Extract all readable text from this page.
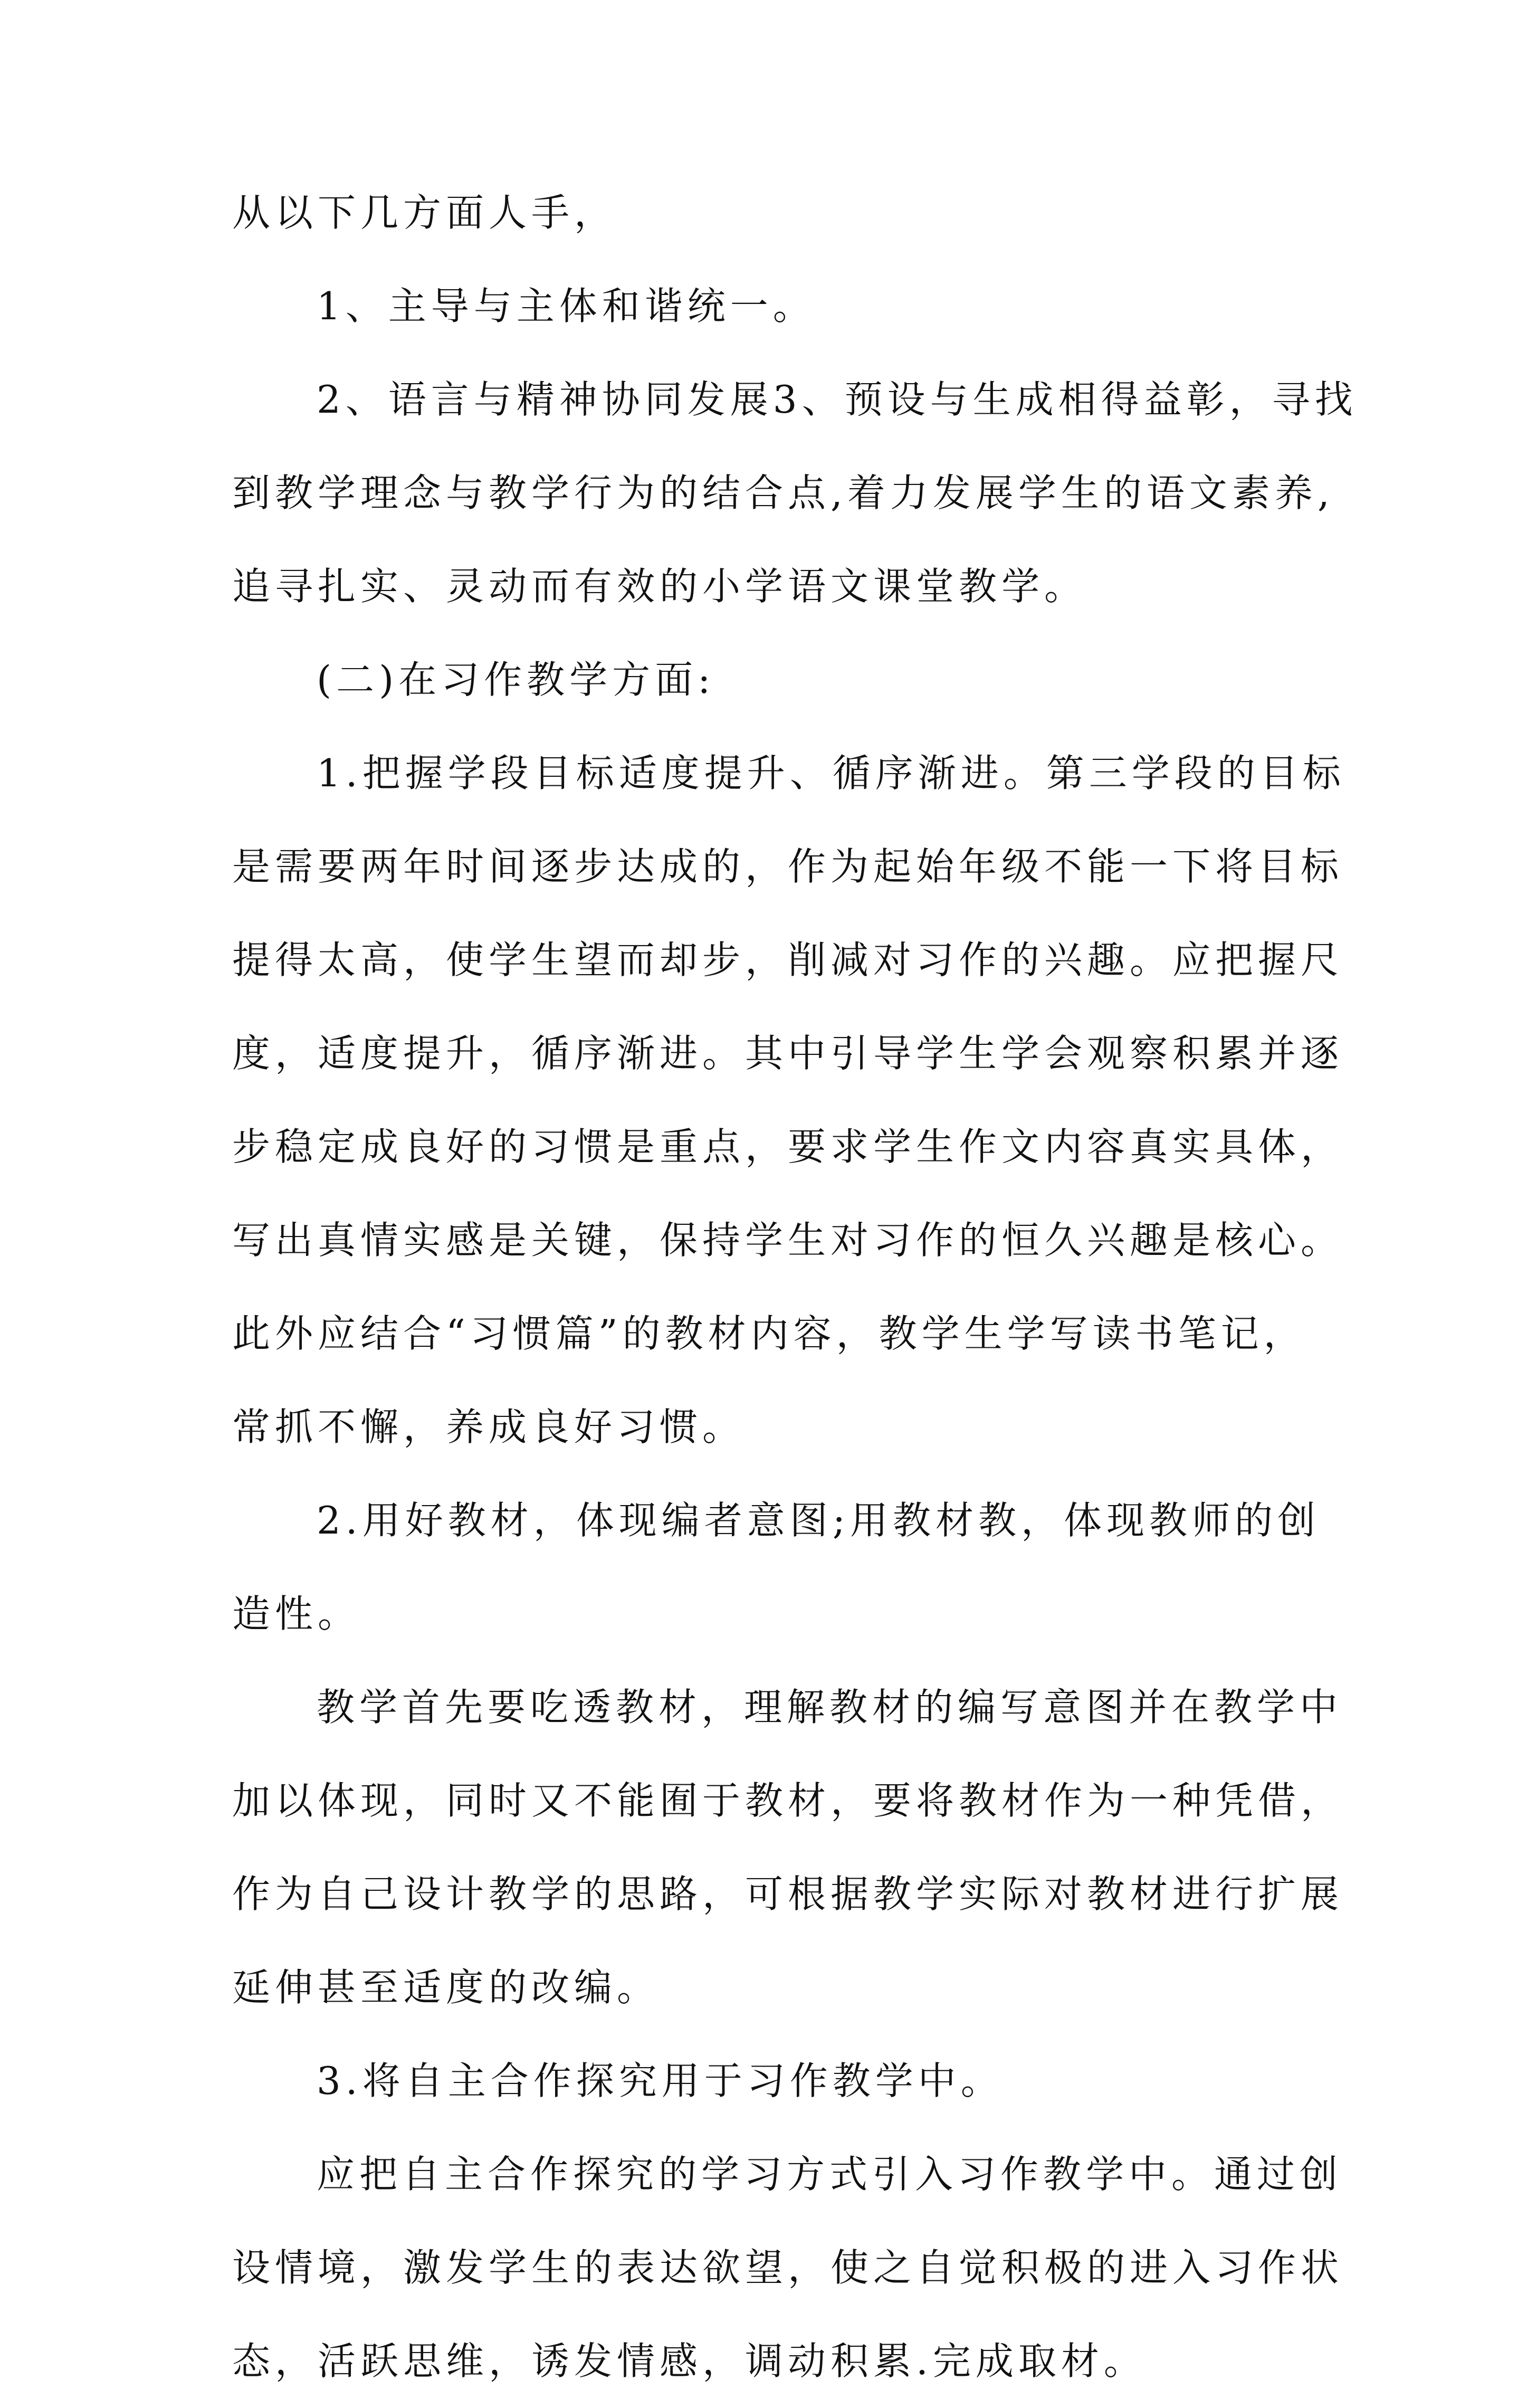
从以下几方面人手，
1、主导与主体和谐统一。
2、语言与精神协同发展3、预设与生成相得益彰，寻找
到教学理念与教学行为的结合点,着力发展学生的语文素养,
追寻扎实、灵动而有效的小学语文课堂教学。
(二)在习作教学方面:
1.把握学段目标适度提升、循序渐进。第三学段的目标
是需要两年时间逐步达成的，作为起始年级不能一下将目标
提得太高，使学生望而却步，削减对习作的兴趣。应把握尺
度，适度提升，循序渐进。其中引导学生学会观察积累并逐
步稳定成良好的习惯是重点，要求学生作文内容真实具体，
写出真情实感是关键，保持学生对习作的恒久兴趣是核心。
此外应结合“习惯篇”的教材内容，教学生学写读书笔记，
常抓不懈，养成良好习惯。
2.用好教材，体现编者意图;用教材教，体现教师的创
造性。
教学首先要吃透教材，理解教材的编写意图并在教学中
加以体现，同时又不能囿于教材，要将教材作为一种凭借，
作为自己设计教学的思路，可根据教学实际对教材进行扩展
延伸甚至适度的改编。
3.将自主合作探究用于习作教学中。
应把自主合作探究的学习方式引入习作教学中。通过创
设情境，激发学生的表达欲望，使之自觉积极的进入习作状
态，活跃思维，诱发情感，调动积累.完成取材。
